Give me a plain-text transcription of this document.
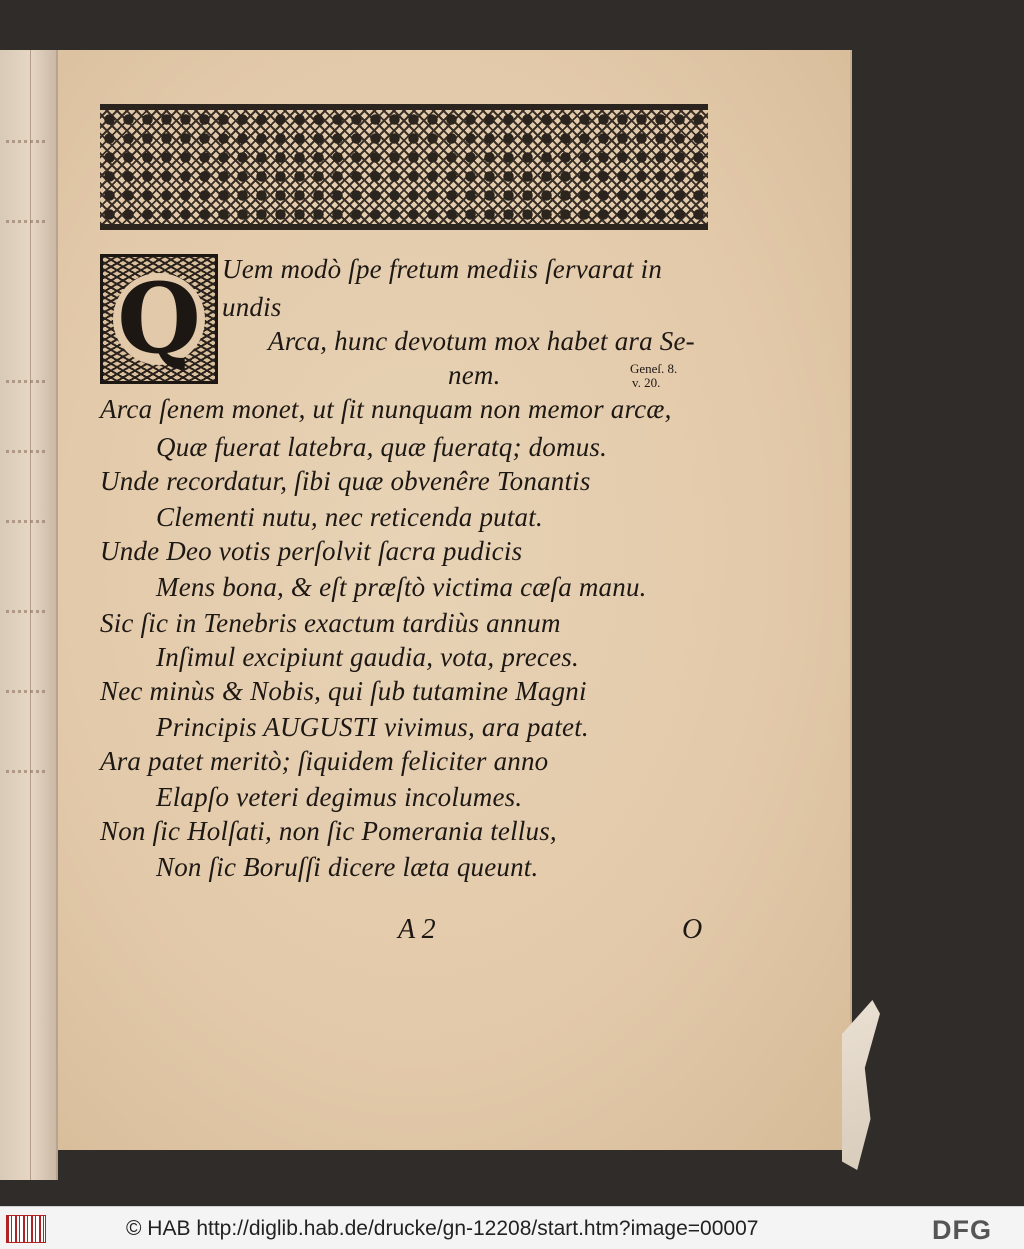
Q Uem modò ſpe fretum mediis ſervarat in
undis
Arca, hunc devotum mox habet ara Se-
nem.	Geneſ. 8.
v. 20.
Arca ſenem monet, ut ſit nunquam non memor arcæ,
Quæ fuerat latebra, quæ fueratq; domus.
Unde recordatur, ſibi quæ obvenêre Tonantis
Clementi nutu, nec reticenda putat.
Unde Deo votis perſolvit ſacra pudicis
Mens bona, & eſt præſtò victima cæſa manu.
Sic ſic in Tenebris exactum tardiùs annum
Inſimul excipiunt gaudia, vota, preces.
Nec minùs & Nobis, qui ſub tutamine Magni
Principis AUGUSTI vivimus, ara patet.
Ara patet meritò; ſiquidem feliciter anno
Elapſo veteri degimus incolumes.
Non ſic Holſati, non ſic Pomerania tellus,
Non ſic Boruſſi dicere læta queunt.
A 2	O
© HAB http://diglib.hab.de/drucke/gn-12208/start.htm?image=00007	DFG
